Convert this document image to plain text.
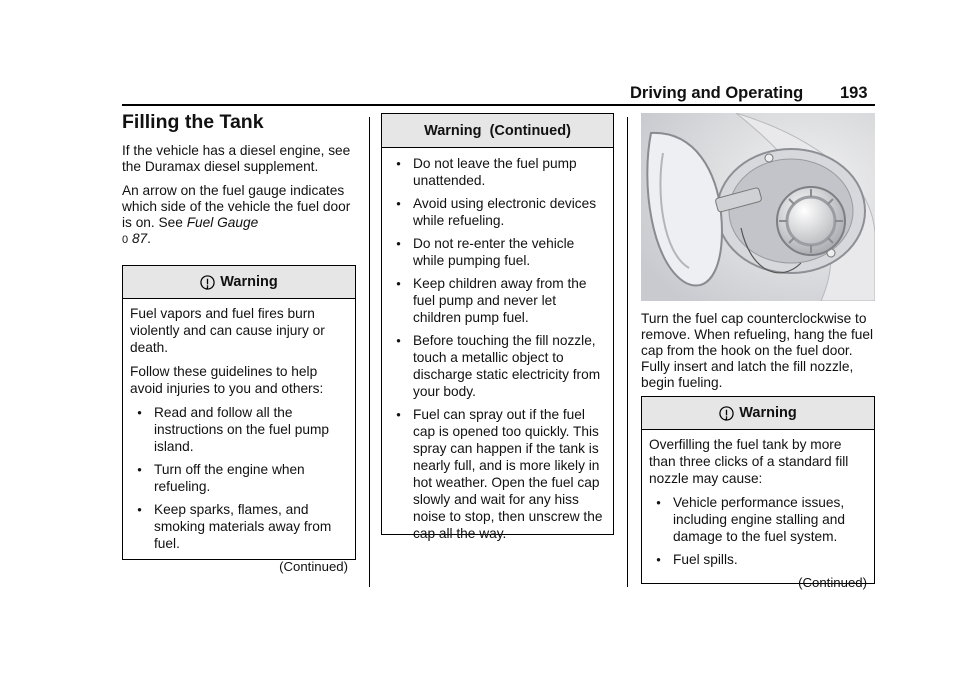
Driving and Operating 193
Filling the Tank

If the vehicle has a diesel engine, see the Duramax diesel supplement.

An arrow on the fuel gauge indicates which side of the vehicle the fuel door is on. See Fuel Gauge
0 87.

Warning

Fuel vapors and fuel fires burn violently and can cause injury or death.

Follow these guidelines to help avoid injuries to you and others:

● Read and follow all the instructions on the fuel pump island.
● Turn off the engine when refueling.
● Keep sparks, flames, and smoking materials away from fuel.
(Continued)
Warning  (Continued)
● Do not leave the fuel pump unattended.
● Avoid using electronic devices while refueling.
● Do not re-enter the vehicle while pumping fuel.
● Keep children away from the fuel pump and never let children pump fuel.
● Before touching the fill nozzle, touch a metallic object to discharge static electricity from your body.
● Fuel can spray out if the fuel cap is opened too quickly. This spray can happen if the tank is nearly full, and is more likely in hot weather. Open the fuel cap slowly and wait for any hiss noise to stop, then unscrew the cap all the way.

Turn the fuel cap counterclockwise to remove. When refueling, hang the fuel cap from the hook on the fuel door. Fully insert and latch the fill nozzle, begin fueling.

Warning

Overfilling the fuel tank by more than three clicks of a standard fill nozzle may cause:

● Vehicle performance issues, including engine stalling and damage to the fuel system.
● Fuel spills.
(Continued)
